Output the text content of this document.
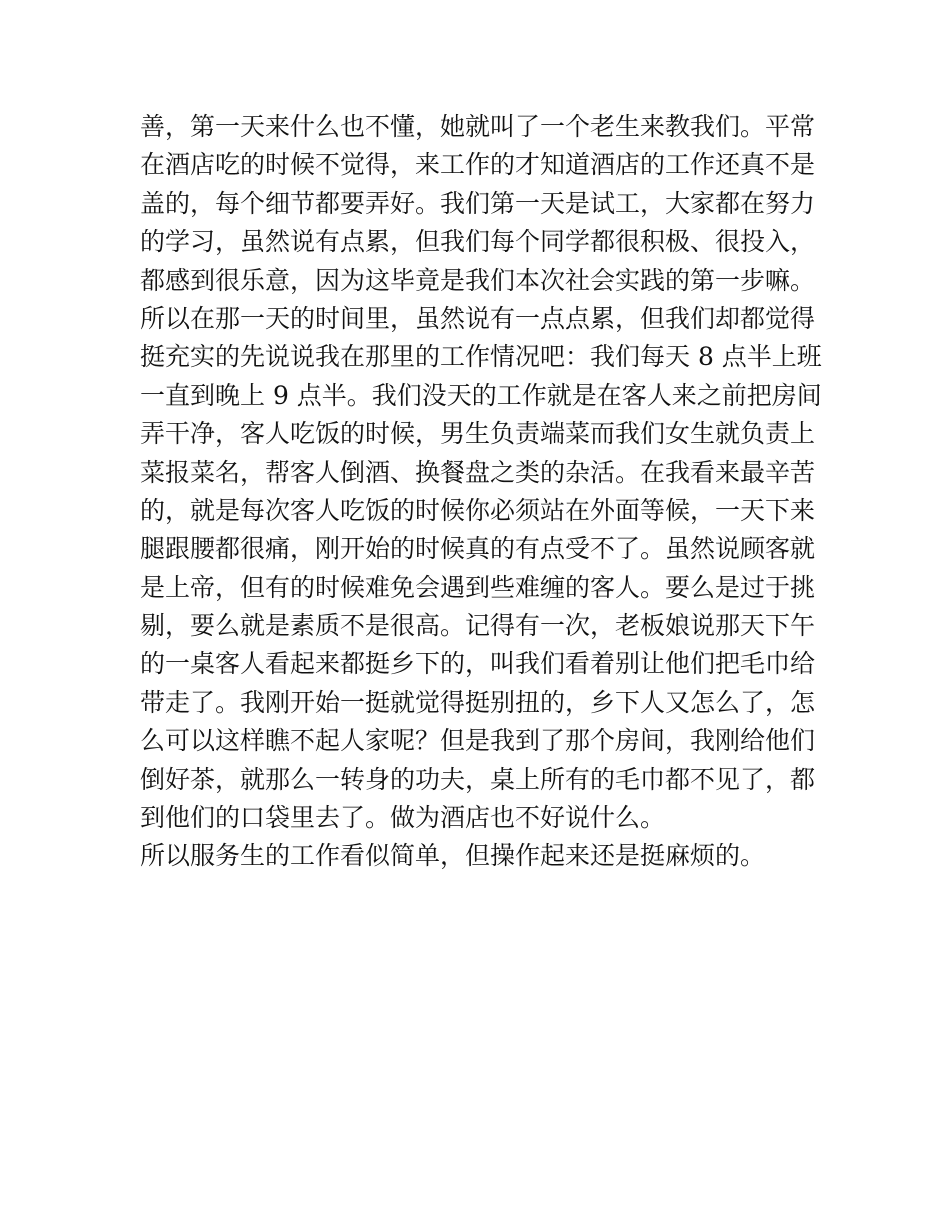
善，第一天来什么也不懂，她就叫了一个老生来教我们。平常
在酒店吃的时候不觉得，来工作的才知道酒店的工作还真不是
盖的，每个细节都要弄好。我们第一天是试工，大家都在努力
的学习，虽然说有点累，但我们每个同学都很积极、很投入，
都感到很乐意，因为这毕竟是我们本次社会实践的第一步嘛。
所以在那一天的时间里，虽然说有一点点累，但我们却都觉得
挺充实的先说说我在那里的工作情况吧：我们每天 8 点半上班
一直到晚上 9 点半。我们没天的工作就是在客人来之前把房间
弄干净，客人吃饭的时候，男生负责端菜而我们女生就负责上
菜报菜名，帮客人倒酒、换餐盘之类的杂活。在我看来最辛苦
的，就是每次客人吃饭的时候你必须站在外面等候，一天下来
腿跟腰都很痛，刚开始的时候真的有点受不了。虽然说顾客就
是上帝，但有的时候难免会遇到些难缠的客人。要么是过于挑
剔，要么就是素质不是很高。记得有一次，老板娘说那天下午
的一桌客人看起来都挺乡下的，叫我们看着别让他们把毛巾给
带走了。我刚开始一挺就觉得挺别扭的，乡下人又怎么了，怎
么可以这样瞧不起人家呢？但是我到了那个房间，我刚给他们
倒好茶，就那么一转身的功夫，桌上所有的毛巾都不见了，都
到他们的口袋里去了。做为酒店也不好说什么。
所以服务生的工作看似简单，但操作起来还是挺麻烦的。
